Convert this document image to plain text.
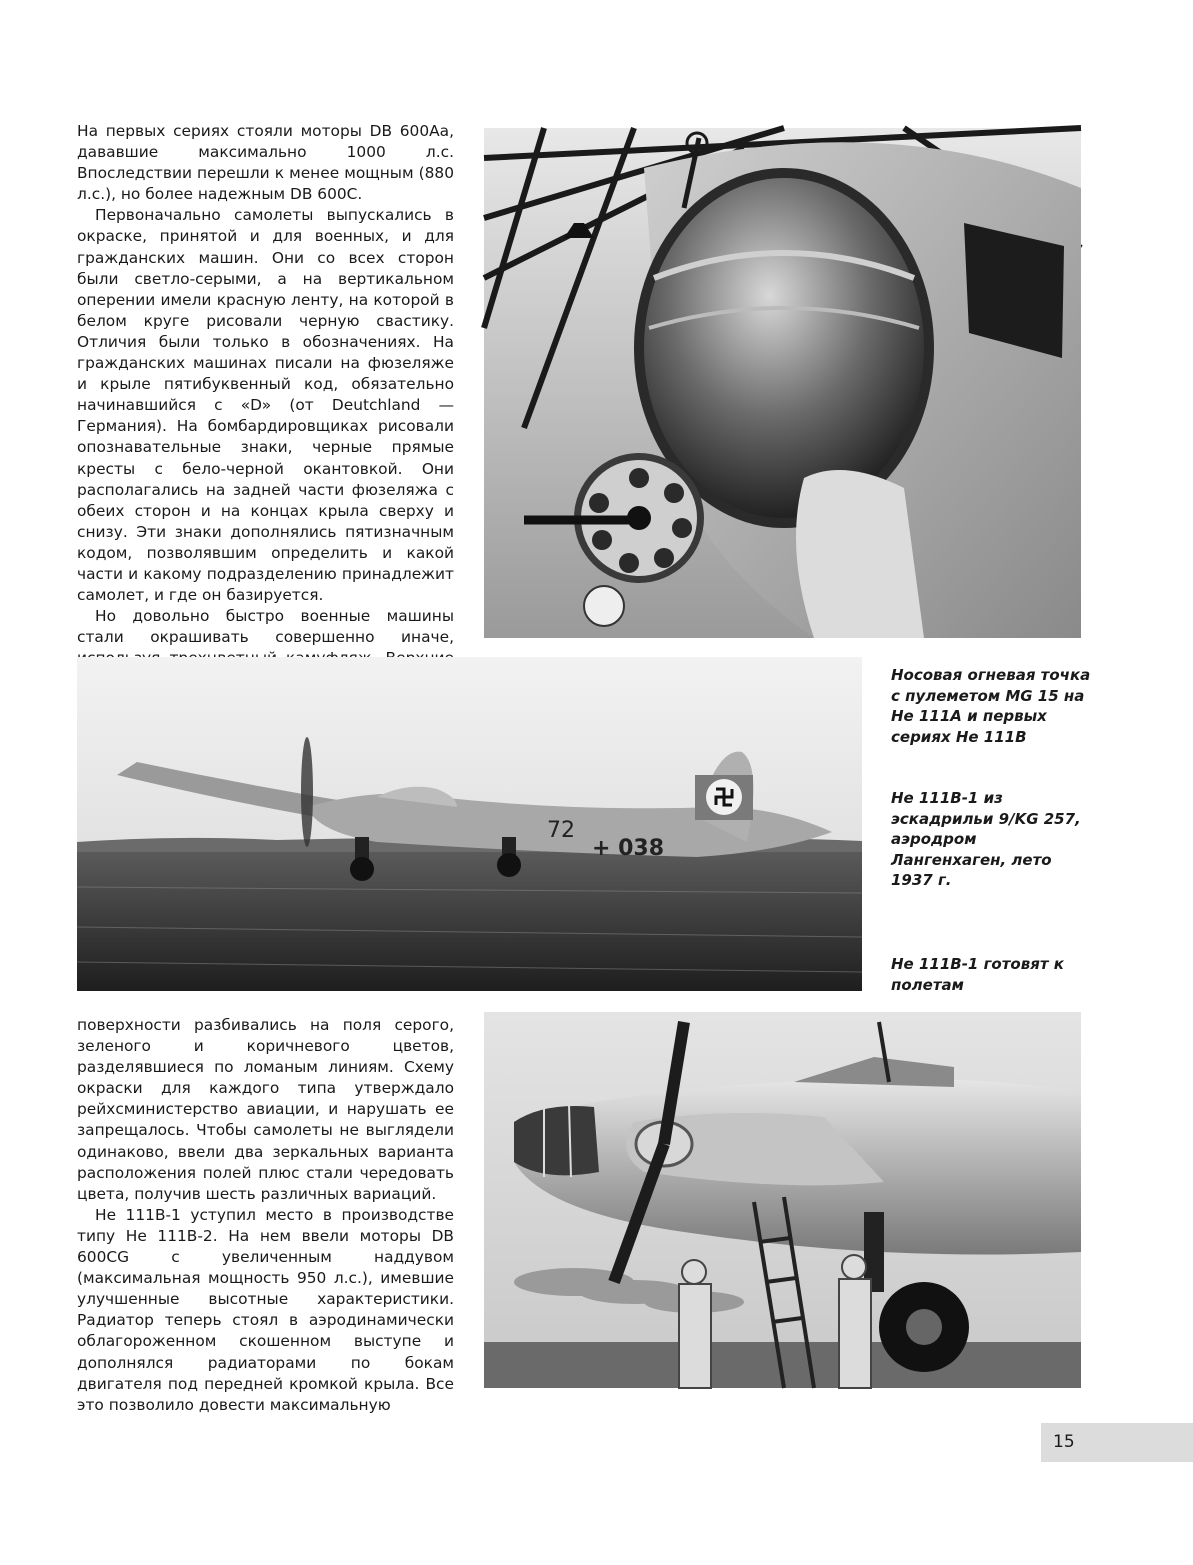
На первых сериях стояли моторы DB 600Аа, дававшие максимально 1000 л.с. Впоследствии перешли к менее мощным (880 л.с.), но более надежным DB 600С.

Первоначально самолеты выпускались в окраске, принятой и для военных, и для гражданских машин. Они со всех сторон были светло-серыми, а на вертикальном оперении имели красную ленту, на которой в белом круге рисовали черную свастику. Отличия были только в обозначениях. На гражданских машинах писали на фюзеляже и крыле пятибуквенный код, обязательно начинавшийся с «D» (от Deutchland — Германия). На бомбардировщиках рисовали опознавательные знаки, черные прямые кресты с бело-черной окантовкой. Они располагались на задней части фюзеляжа с обеих сторон и на концах крыла сверху и снизу. Эти знаки дополнялись пятизначным кодом, позволявшим определить и какой части и какому подразделению принадлежит самолет, и где он базируется.

Но довольно быстро военные машины стали окрашивать совершенно иначе,

72
+ 038
Носовая огневая точка с пулеметом MG 15 на He 111A и первых сериях He 111B
He 111B-1 из эскадрильи 9/KG 257, аэродром Лангенхаген, лето 1937 г.
He 111B-1 готовят к полетам

поверхности разбивались на поля серого, зеленого и коричневого цветов, разделявшиеся по ломаным линиям. Схему окраски для каждого типа утверждало рейхсминистерство авиации, и нарушать ее запрещалось. Чтобы самолеты не выглядели одинаково, ввели два зеркальных варианта расположения полей плюс стали чередовать цвета, получив шесть различных вариаций.

Не 111В-1 уступил место в производстве типу Не 111В-2. На нем ввели моторы DB 600CG с увеличенным наддувом (максимальная мощность 950 л.с.), имевшие улучшенные высотные характеристики. Радиатор теперь стоял в аэродинамически облагороженном скошенном выступе и дополнялся радиаторами по бокам двигателя под передней кромкой крыла. Все это позволило довести максимальную

15
